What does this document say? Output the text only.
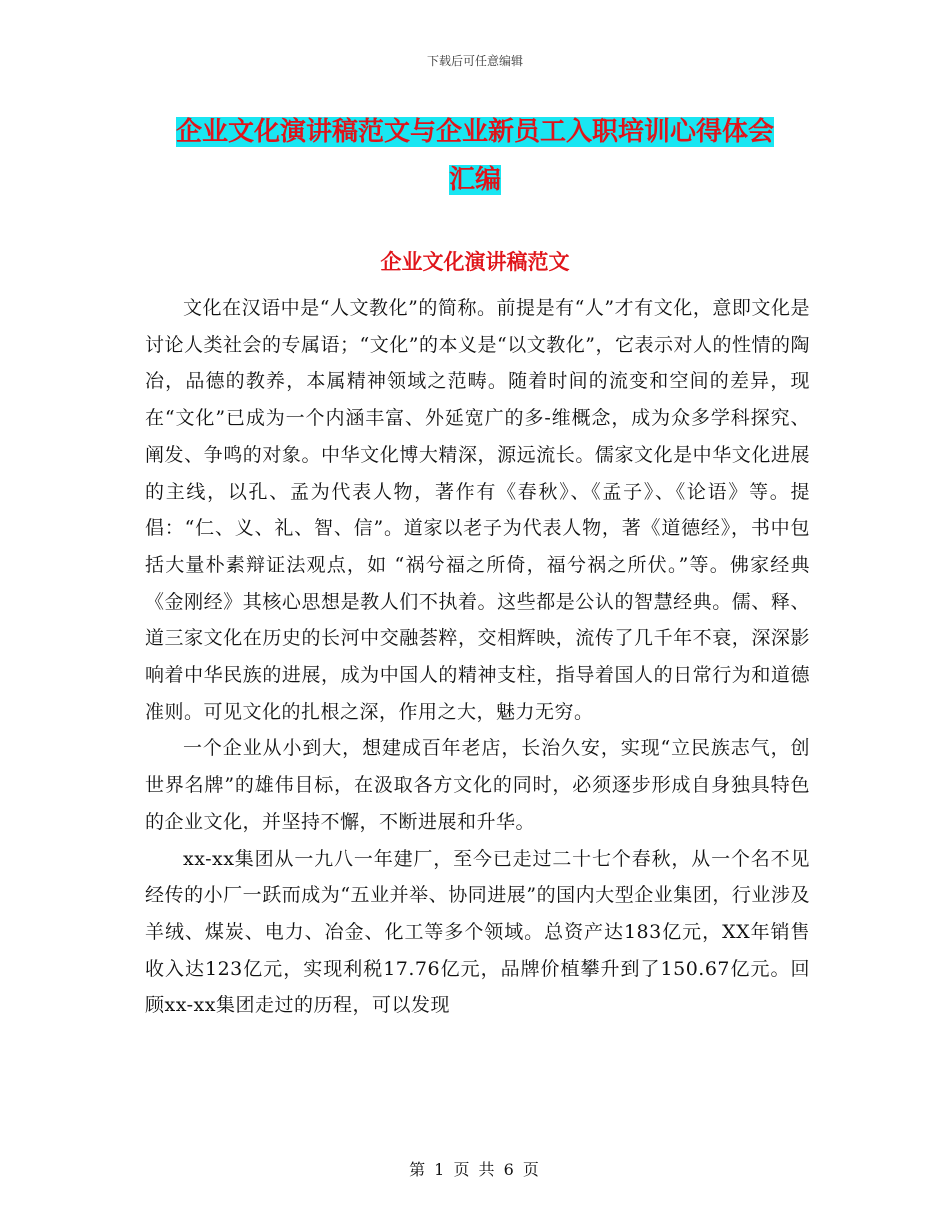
下载后可任意编辑
企业文化演讲稿范文与企业新员工入职培训心得体会
汇编
企业文化演讲稿范文

文化在汉语中是“人文教化”的简称。前提是有“人”才有文化，意即文化是讨论人类社会的专属语；“文化”的本义是“以文教化”，它表示对人的性情的陶冶，品德的教养，本属精神领域之范畴。随着时间的流变和空间的差异，现在“文化”已成为一个内涵丰富、外延宽广的多-维概念，成为众多学科探究、阐发、争鸣的对象。中华文化博大精深，源远流长。儒家文化是中华文化进展的主线，以孔、孟为代表人物，著作有《春秋》、《孟子》、《论语》等。提倡：“仁、义、礼、智、信”。道家以老子为代表人物，著《道德经》，书中包括大量朴素辩证法观点，如 “祸兮福之所倚，福兮祸之所伏。”等。佛家经典《金刚经》其核心思想是教人们不执着。这些都是公认的智慧经典。儒、释、道三家文化在历史的长河中交融荟粹，交相辉映，流传了几千年不衰，深深影响着中华民族的进展，成为中国人的精神支柱，指导着国人的日常行为和道德准则。可见文化的扎根之深，作用之大，魅力无穷。

一个企业从小到大，想建成百年老店，长治久安，实现“立民族志气，创世界名牌”的雄伟目标，在汲取各方文化的同时，必须逐步形成自身独具特色的企业文化，并坚持不懈，不断进展和升华。

xx-xx集团从一九八一年建厂，至今已走过二十七个春秋，从一个名不见经传的小厂一跃而成为“五业并举、协同进展”的国内大型企业集团，行业涉及羊绒、煤炭、电力、冶金、化工等多个领域。总资产达183亿元，XX年销售收入达123亿元，实现利税17.76亿元，品牌价植攀升到了150.67亿元。回顾xx-xx集团走过的历程，可以发现

第 1 页 共 6 页
